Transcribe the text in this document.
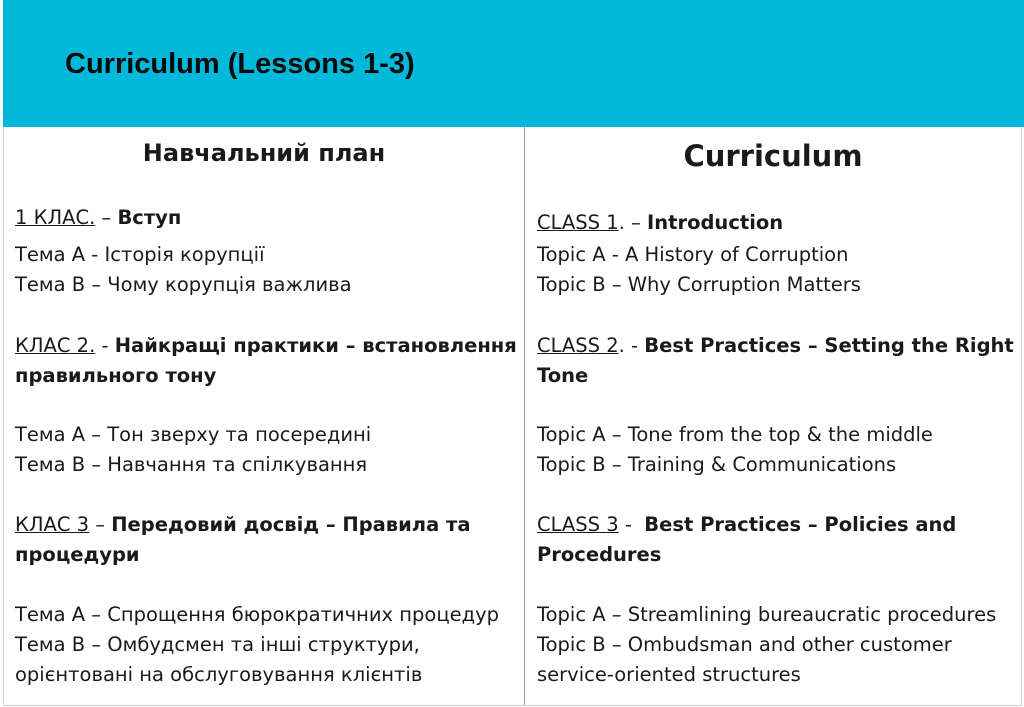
Curriculum (Lessons 1-3)
Навчальний план
1 КЛАС. – Вступ
Тема А - Історія корупції
Тема B – Чому корупція важлива
КЛАС 2. - Найкращі практики – встановлення
правильного тону
Тема А – Тон зверху та посередині
Тема B – Навчання та спілкування
КЛАС 3 – Передовий досвід – Правила та
процедури
Тема А – Спрощення бюрократичних процедур
Тема B – Омбудсмен та інші структури,
орієнтовані на обслуговування клієнтів
Curriculum
CLASS 1. – Introduction
Topic A - A History of Corruption
Topic B – Why Corruption Matters
CLASS 2. - Best Practices – Setting the Right
Tone
Topic A – Tone from the top & the middle
Topic B – Training & Communications
CLASS 3 -  Best Practices – Policies and
Procedures
Topic A – Streamlining bureaucratic procedures
Topic B – Ombudsman and other customer
service-oriented structures
